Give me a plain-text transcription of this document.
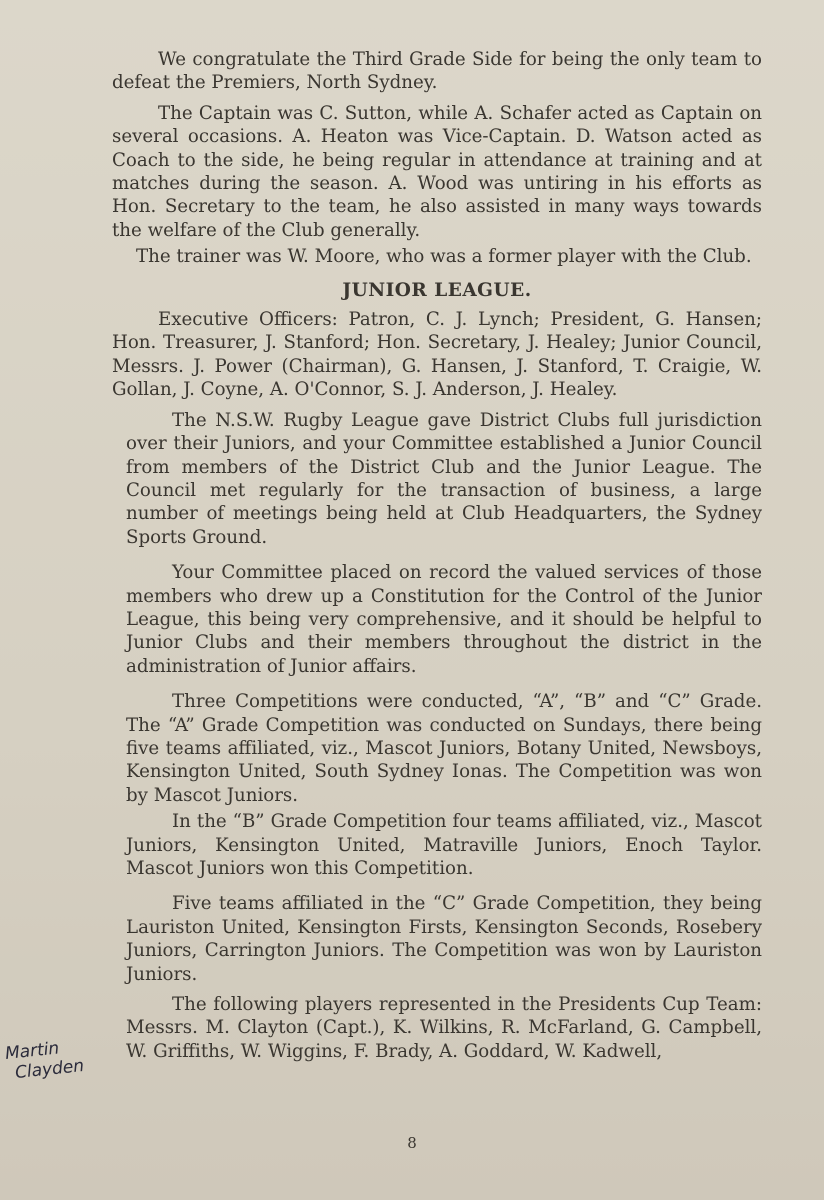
We congratulate the Third Grade Side for being the only team to defeat the Premiers, North Sydney.

The Captain was C. Sutton, while A. Schafer acted as Captain on several occasions. A. Heaton was Vice-Captain. D. Watson acted as Coach to the side, he being regular in attendance at training and at matches during the season. A. Wood was untiring in his efforts as Hon. Secretary to the team, he also assisted in many ways towards the welfare of the Club generally.

The trainer was W. Moore, who was a former player with the Club.

JUNIOR LEAGUE.

Executive Officers: Patron, C. J. Lynch; President, G. Hansen; Hon. Treasurer, J. Stanford; Hon. Secretary, J. Healey; Junior Council, Messrs. J. Power (Chairman), G. Hansen, J. Stanford, T. Craigie, W. Gollan, J. Coyne, A. O'Connor, S. J. Anderson, J. Healey.

The N.S.W. Rugby League gave District Clubs full jurisdiction over their Juniors, and your Committee established a Junior Council from members of the District Club and the Junior League. The Council met regularly for the transaction of business, a large number of meetings being held at Club Headquarters, the Sydney Sports Ground.

Your Committee placed on record the valued services of those members who drew up a Constitution for the Control of the Junior League, this being very comprehensive, and it should be helpful to Junior Clubs and their members throughout the district in the administration of Junior affairs.

Three Competitions were conducted, “A”, “B” and “C” Grade. The “A” Grade Competition was conducted on Sundays, there being five teams affiliated, viz., Mascot Juniors, Botany United, Newsboys, Kensington United, South Sydney Ionas. The Competition was won by Mascot Juniors.

In the “B” Grade Competition four teams affiliated, viz., Mascot Juniors, Kensington United, Matraville Juniors, Enoch Taylor. Mascot Juniors won this Competition.

Five teams affiliated in the “C” Grade Competition, they being Lauriston United, Kensington Firsts, Kensington Seconds, Rosebery Juniors, Carrington Juniors. The Competition was won by Lauriston Juniors.

The following players represented in the Presidents Cup Team: Messrs. M. Clayton (Capt.), K. Wilkins, R. McFarland, G. Campbell, W. Griffiths, W. Wiggins, F. Brady, A. Goddard, W. Kadwell,

Martin
Clayden
8
